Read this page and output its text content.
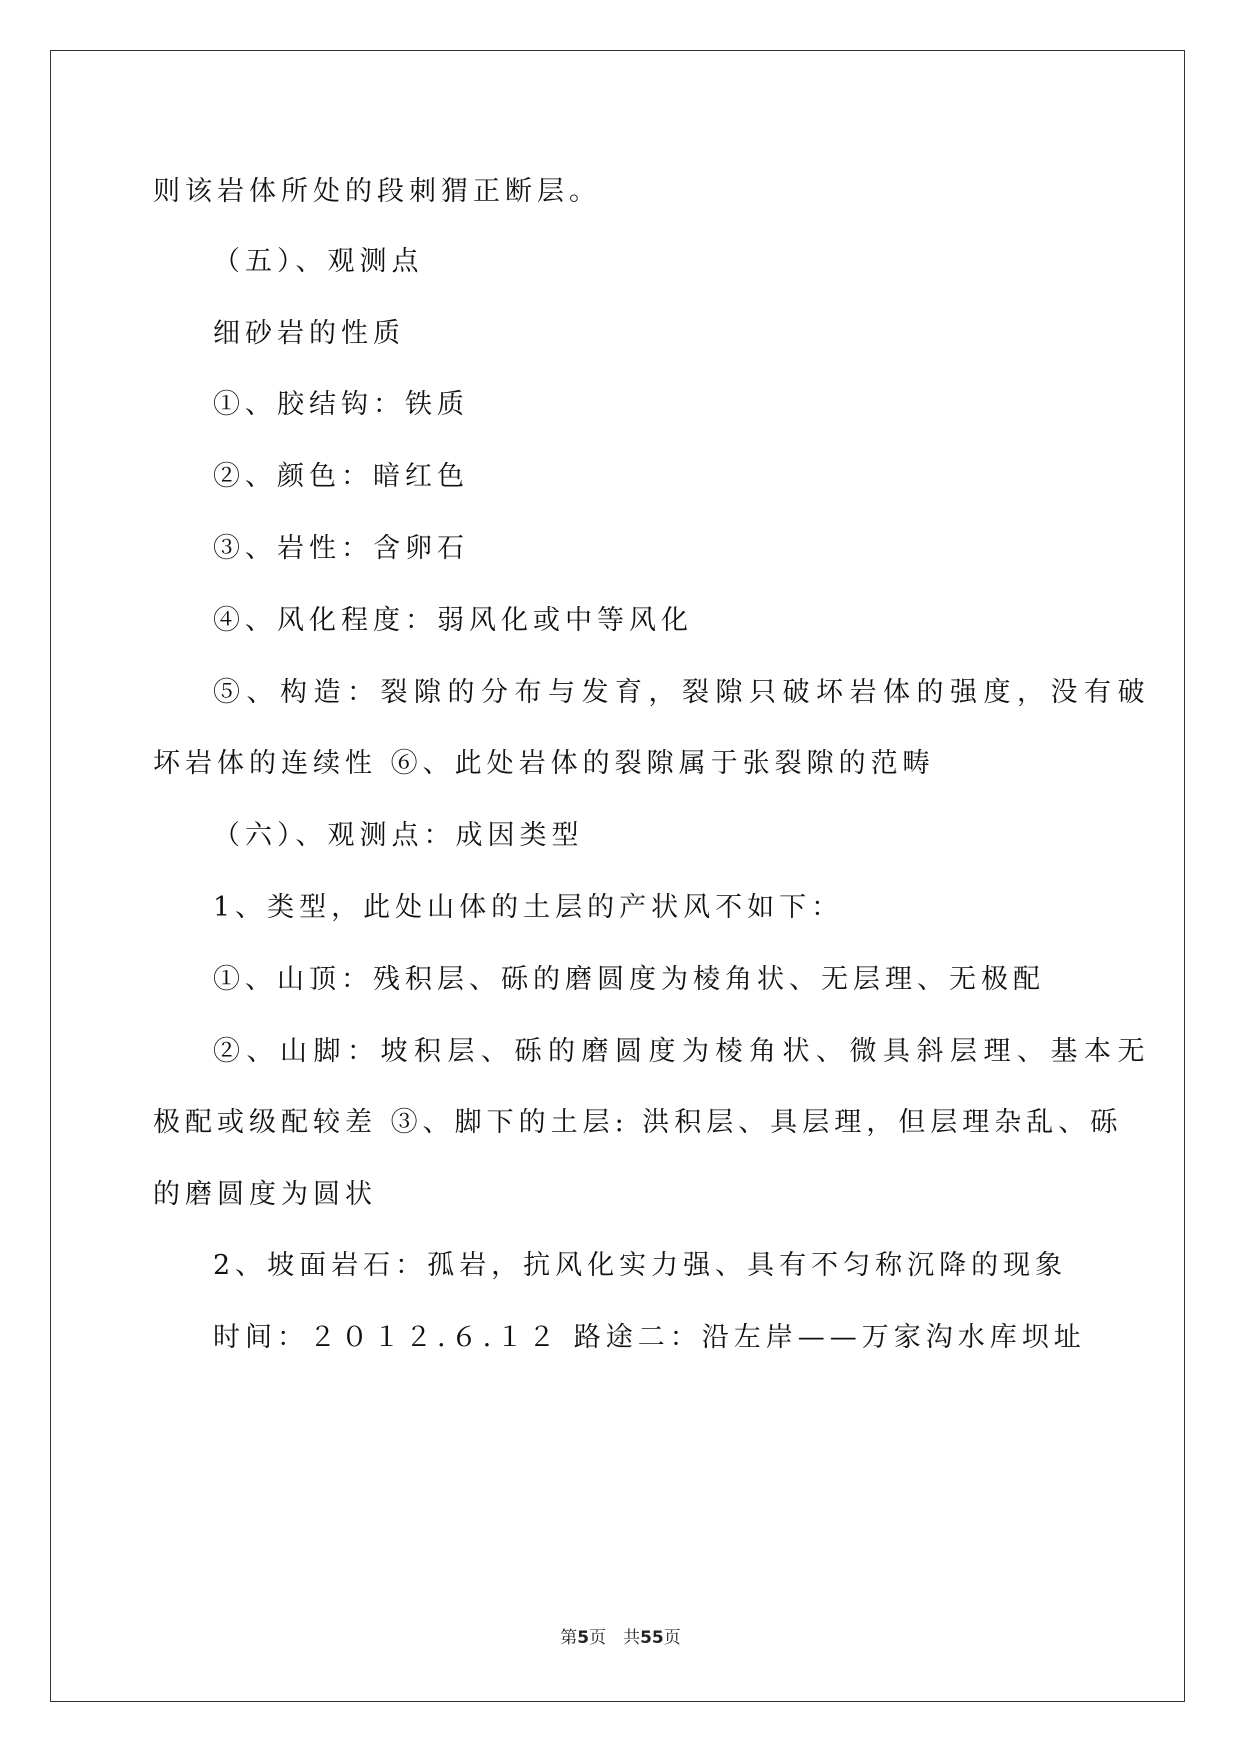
则该岩体所处的段刺猬正断层。
（五）、观测点
细砂岩的性质
①、胶结钩：铁质
②、颜色：暗红色
③、岩性：含卵石
④、风化程度：弱风化或中等风化
⑤、构造：裂隙的分布与发育，裂隙只破坏岩体的强度，没有破
坏岩体的连续性 ⑥、此处岩体的裂隙属于张裂隙的范畴
（六）、观测点：成因类型
1、类型，此处山体的土层的产状风不如下：
①、山顶：残积层、砾的磨圆度为棱角状、无层理、无极配
②、山脚：坡积层、砾的磨圆度为棱角状、微具斜层理、基本无
极配或级配较差 ③、脚下的土层: 洪积层、具层理，但层理杂乱、砾
的磨圆度为圆状
2、坡面岩石：孤岩，抗风化实力强、具有不匀称沉降的现象
时间：２０１２.６.１２ 路途二：沿左岸——万家沟水库坝址
第5页　共55页
